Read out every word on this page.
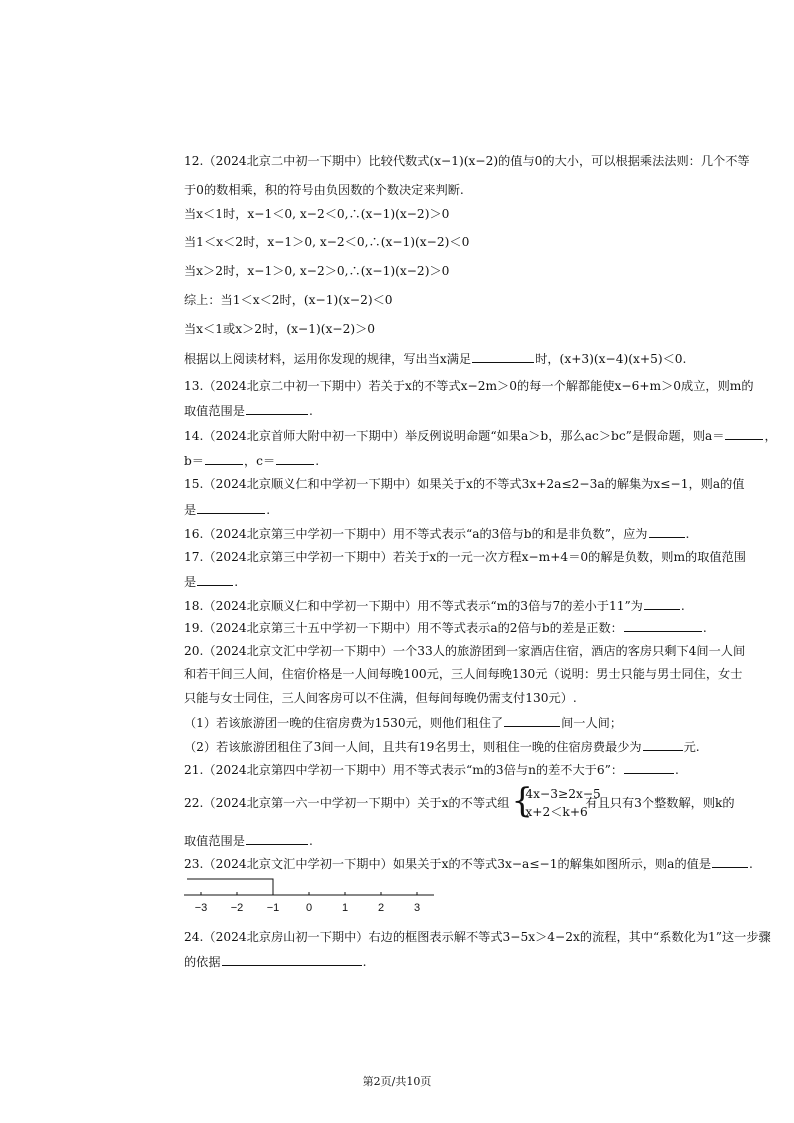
12.（2024北京二中初一下期中）比较代数式(x−1)(x−2)的值与0的大小，可以根据乘法法则：几个不等
于0的数相乘，积的符号由负因数的个数决定来判断.
当x＜1时，x−1＜0, x−2＜0,∴(x−1)(x−2)＞0
当1＜x＜2时，x−1＞0, x−2＜0,∴(x−1)(x−2)＜0
当x＞2时，x−1＞0, x−2＞0,∴(x−1)(x−2)＞0
综上：当1＜x＜2时，(x−1)(x−2)＜0
当x＜1或x＞2时，(x−1)(x−2)＞0
根据以上阅读材料，运用你发现的规律，写出当x满足	时，(x+3)(x−4)(x+5)＜0.
13.（2024北京二中初一下期中）若关于x的不等式x−2m＞0的每一个解都能使x−6+m＞0成立，则m的
取值范围是	.
14.（2024北京首师大附中初一下期中）举反例说明命题“如果a＞b，那么ac＞bc”是假命题，则a＝	，
b＝	，c＝	.
15.（2024北京顺义仁和中学初一下期中）如果关于x的不等式3x+2a≤2−3a的解集为x≤−1，则a的值
是	.
16.（2024北京第三中学初一下期中）用不等式表示“a的3倍与b的和是非负数”，应为	.
17.（2024北京第三中学初一下期中）若关于x的一元一次方程x−m+4＝0的解是负数，则m的取值范围
是	.
18.（2024北京顺义仁和中学初一下期中）用不等式表示“m的3倍与7的差小于11”为	.
19.（2024北京第三十五中学初一下期中）用不等式表示a的2倍与b的差是正数：	.
20.（2024北京文汇中学初一下期中）一个33人的旅游团到一家酒店住宿，酒店的客房只剩下4间一人间
和若干间三人间，住宿价格是一人间每晚100元，三人间每晚130元（说明：男士只能与男士同住，女士
只能与女士同住，三人间客房可以不住满，但每间每晚仍需支付130元）.
（1）若该旅游团一晚的住宿房费为1530元，则他们租住了	间一人间；
（2）若该旅游团租住了3间一人间，且共有19名男士，则租住一晚的住宿房费最少为	元.
21.（2024北京第四中学初一下期中）用不等式表示“m的3倍与n的差不大于6”：	.
22.（2024北京第一六一中学初一下期中）关于x的不等式组 {
4x−3≥2x−5
x+2＜k+6
有且只有3个整数解，则k的
取值范围是	.
23.（2024北京文汇中学初一下期中）如果关于x的不等式3x−a≤−1的解集如图所示，则a的值是	.
−3 −2 −1 0	1	2	3
24.（2024北京房山初一下期中）右边的框图表示解不等式3−5x＞4−2x的流程，其中“系数化为1”这一步骤
的依据	.
第2页/共10页
